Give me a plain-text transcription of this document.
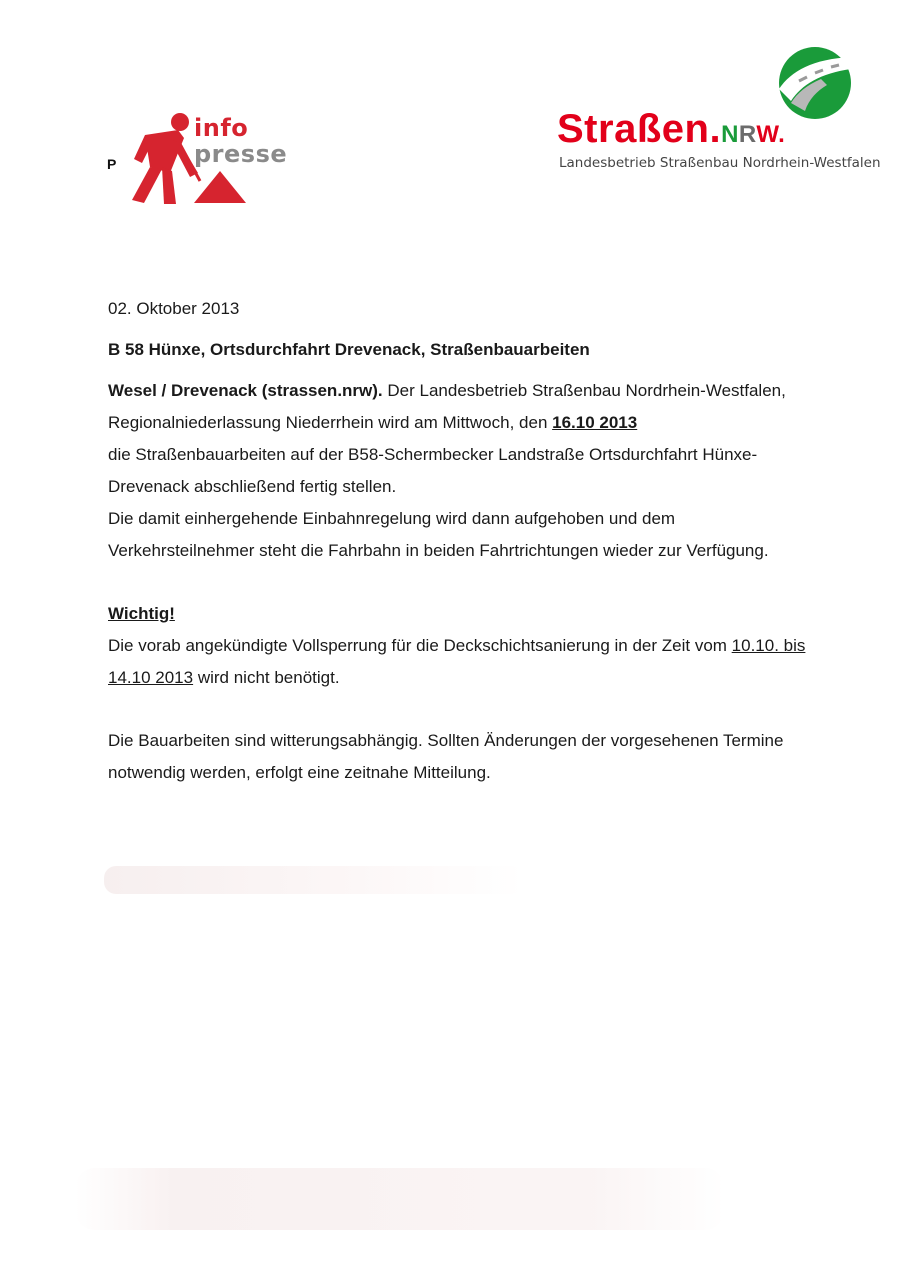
P
info
presse
Straßen.NRW.
Landesbetrieb Straßenbau Nordrhein-Westfalen
02. Oktober 2013
B 58 Hünxe, Ortsdurchfahrt Drevenack, Straßenbauarbeiten
Wesel / Drevenack (strassen.nrw). Der Landesbetrieb Straßenbau Nordrhein-Westfalen,
Regionalniederlassung Niederrhein wird am Mittwoch, den 16.10 2013
die Straßenbauarbeiten auf der B58-Schermbecker Landstraße Ortsdurchfahrt Hünxe-
Drevenack abschließend fertig stellen.
Die damit einhergehende Einbahnregelung wird dann aufgehoben und dem
Verkehrsteilnehmer steht die Fahrbahn in beiden Fahrtrichtungen wieder zur Verfügung.
Wichtig!
Die vorab angekündigte Vollsperrung für die Deckschichtsanierung in der Zeit vom 10.10. bis
14.10 2013 wird nicht benötigt.
Die Bauarbeiten sind witterungsabhängig. Sollten Änderungen der vorgesehenen Termine
notwendig werden, erfolgt eine zeitnahe Mitteilung.
